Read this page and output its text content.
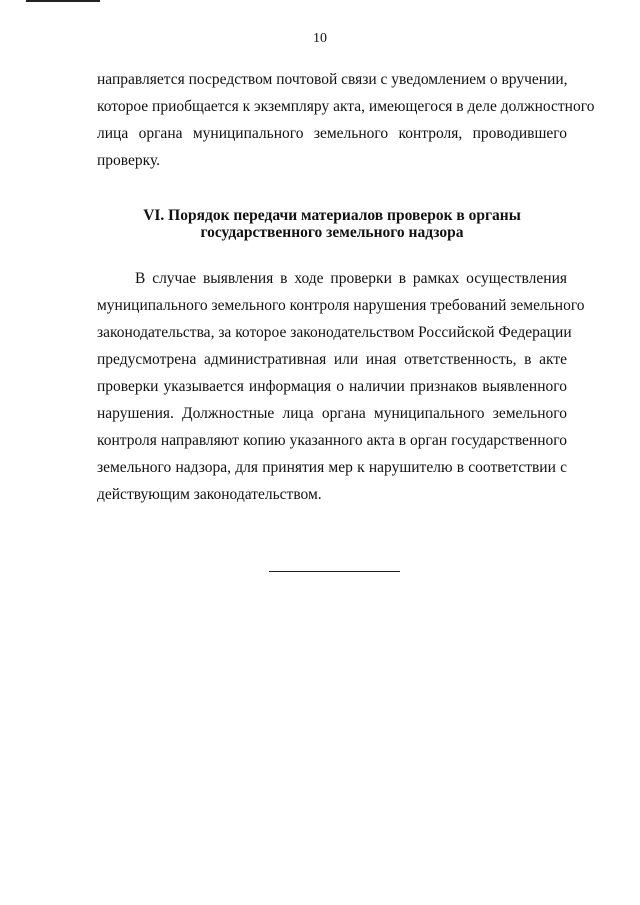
10
направляется посредством почтовой связи с уведомлением о вручении,
которое приобщается к экземпляру акта, имеющегося в деле должностного
лица органа муниципального земельного контроля, проводившего
проверку.
VI. Порядок передачи материалов проверок в органы
государственного земельного надзора
В случае выявления в ходе проверки в рамках осуществления
муниципального земельного контроля нарушения требований земельного
законодательства, за которое законодательством Российской Федерации
предусмотрена административная или иная ответственность, в акте
проверки указывается информация о наличии признаков выявленного
нарушения. Должностные лица органа муниципального земельного
контроля направляют копию указанного акта в орган государственного
земельного надзора, для принятия мер к нарушителю в соответствии с
действующим законодательством.
